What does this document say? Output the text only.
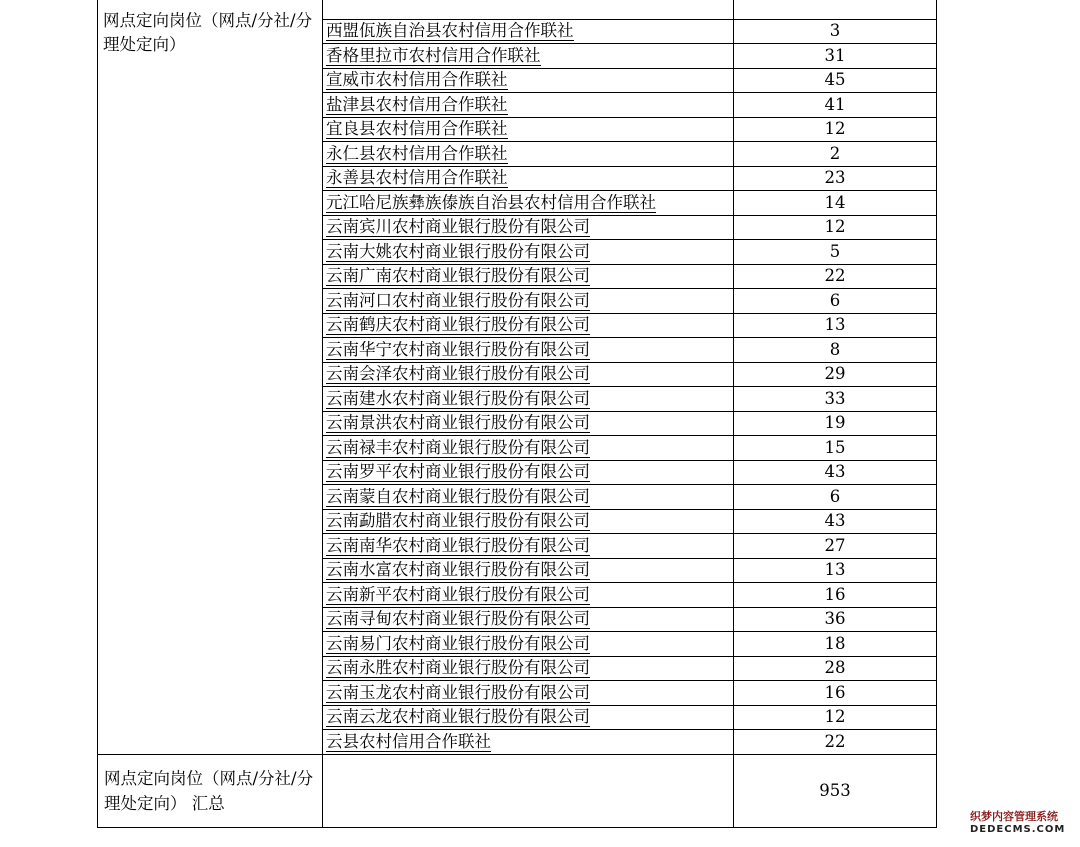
网点定向岗位（网点/分社/分理处定向）		
	西盟佤族自治县农村信用合作联社	3
	香格里拉市农村信用合作联社	31
	宣威市农村信用合作联社	45
	盐津县农村信用合作联社	41
	宜良县农村信用合作联社	12
	永仁县农村信用合作联社	2
	永善县农村信用合作联社	23
	元江哈尼族彝族傣族自治县农村信用合作联社	14
	云南宾川农村商业银行股份有限公司	12
	云南大姚农村商业银行股份有限公司	5
	云南广南农村商业银行股份有限公司	22
	云南河口农村商业银行股份有限公司	6
	云南鹤庆农村商业银行股份有限公司	13
	云南华宁农村商业银行股份有限公司	8
	云南会泽农村商业银行股份有限公司	29
	云南建水农村商业银行股份有限公司	33
	云南景洪农村商业银行股份有限公司	19
	云南禄丰农村商业银行股份有限公司	15
	云南罗平农村商业银行股份有限公司	43
	云南蒙自农村商业银行股份有限公司	6
	云南勐腊农村商业银行股份有限公司	43
	云南南华农村商业银行股份有限公司	27
	云南水富农村商业银行股份有限公司	13
	云南新平农村商业银行股份有限公司	16
	云南寻甸农村商业银行股份有限公司	36
	云南易门农村商业银行股份有限公司	18
	云南永胜农村商业银行股份有限公司	28
	云南玉龙农村商业银行股份有限公司	16
	云南云龙农村商业银行股份有限公司	12
	云县农村信用合作联社	22
网点定向岗位（网点/分社/分理处定向） 汇总		953
织梦内容管理系统
DEDECMS.COM
